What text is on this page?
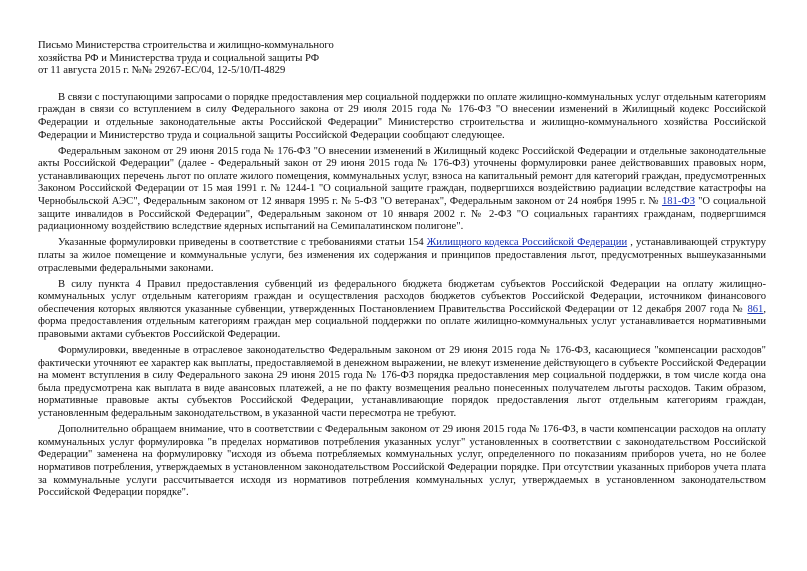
Письмо Министерства строительства и жилищно-коммунального
хозяйства РФ и Министерства труда и социальной защиты РФ
от 11 августа 2015 г. №№ 29267-ЕС/04, 12-5/10/П-4829

В связи с поступающими запросами о порядке предоставления мер социальной поддержки по оплате жилищно-коммунальных услуг отдельным категориям граждан в связи со вступлением в силу Федерального закона от 29 июля 2015 года № 176-ФЗ "О внесении изменений в Жилищный кодекс Российской Федерации и отдельные законодательные акты Российской Федерации" Министерство строительства и жилищно-коммунального хозяйства Российской Федерации и Министерство труда и социальной защиты Российской Федерации сообщают следующее.

Федеральным законом от 29 июня 2015 года № 176-ФЗ "О внесении изменений в Жилищный кодекс Российской Федерации и отдельные законодательные акты Российской Федерации" (далее - Федеральный закон от 29 июня 2015 года № 176-ФЗ) уточнены формулировки ранее действовавших правовых норм, устанавливающих перечень льгот по оплате жилого помещения, коммунальных услуг, взноса на капитальный ремонт для категорий граждан, предусмотренных Законом Российской Федерации от 15 мая 1991 г. № 1244-1 "О социальной защите граждан, подвергшихся воздействию радиации вследствие катастрофы на Чернобыльской АЭС", Федеральным законом от 12 января 1995 г. № 5-ФЗ "О ветеранах", Федеральным законом от 24 ноября 1995 г. № 181-ФЗ "О социальной защите инвалидов в Российской Федерации", Федеральным законом от 10 января 2002 г. № 2-ФЗ "О социальных гарантиях гражданам, подвергшимся радиационному воздействию вследствие ядерных испытаний на Семипалатинском полигоне".

Указанные формулировки приведены в соответствие с требованиями статьи 154 Жилищного кодекса Российской Федерации , устанавливающей структуру платы за жилое помещение и коммунальные услуги, без изменения их содержания и принципов предоставления льгот, предусмотренных вышеуказанными отраслевыми федеральными законами.

В силу пункта 4 Правил предоставления субвенций из федерального бюджета бюджетам субъектов Российской Федерации на оплату жилищно-коммунальных услуг отдельным категориям граждан и осуществления расходов бюджетов субъектов Российской Федерации, источником финансового обеспечения которых являются указанные субвенции, утвержденных Постановлением Правительства Российской Федерации от 12 декабря 2007 года № 861, форма предоставления отдельным категориям граждан мер социальной поддержки по оплате жилищно-коммунальных услуг устанавливается нормативными правовыми актами субъектов Российской Федерации.

Формулировки, введенные в отраслевое законодательство Федеральным законом от 29 июня 2015 года № 176-ФЗ, касающиеся "компенсации расходов" фактически уточняют ее характер как выплаты, предоставляемой в денежном выражении, не влекут изменение действующего в субъекте Российской Федерации на момент вступления в силу Федерального закона 29 июня 2015 года № 176-ФЗ порядка предоставления мер социальной поддержки, в том числе когда она была предусмотрена как выплата в виде авансовых платежей, а не по факту возмещения реально понесенных получателем льготы расходов. Таким образом, нормативные правовые акты субъектов Российской Федерации, устанавливающие порядок предоставления льгот отдельным категориям граждан, установленным федеральным законодательством, в указанной части пересмотра не требуют.

Дополнительно обращаем внимание, что в соответствии с Федеральным законом от 29 июня 2015 года № 176-ФЗ, в части компенсации расходов на оплату коммунальных услуг формулировка "в пределах нормативов потребления указанных услуг" установленных в соответствии с законодательством Российской Федерации" заменена на формулировку "исходя из объема потребляемых коммунальных услуг, определенного по показаниям приборов учета, но не более нормативов потребления, утверждаемых в установленном законодательством Российской Федерации порядке. При отсутствии указанных приборов учета плата за коммунальные услуги рассчитывается исходя из нормативов потребления коммунальных услуг, утверждаемых в установленном законодательством Российской Федерации порядке".
